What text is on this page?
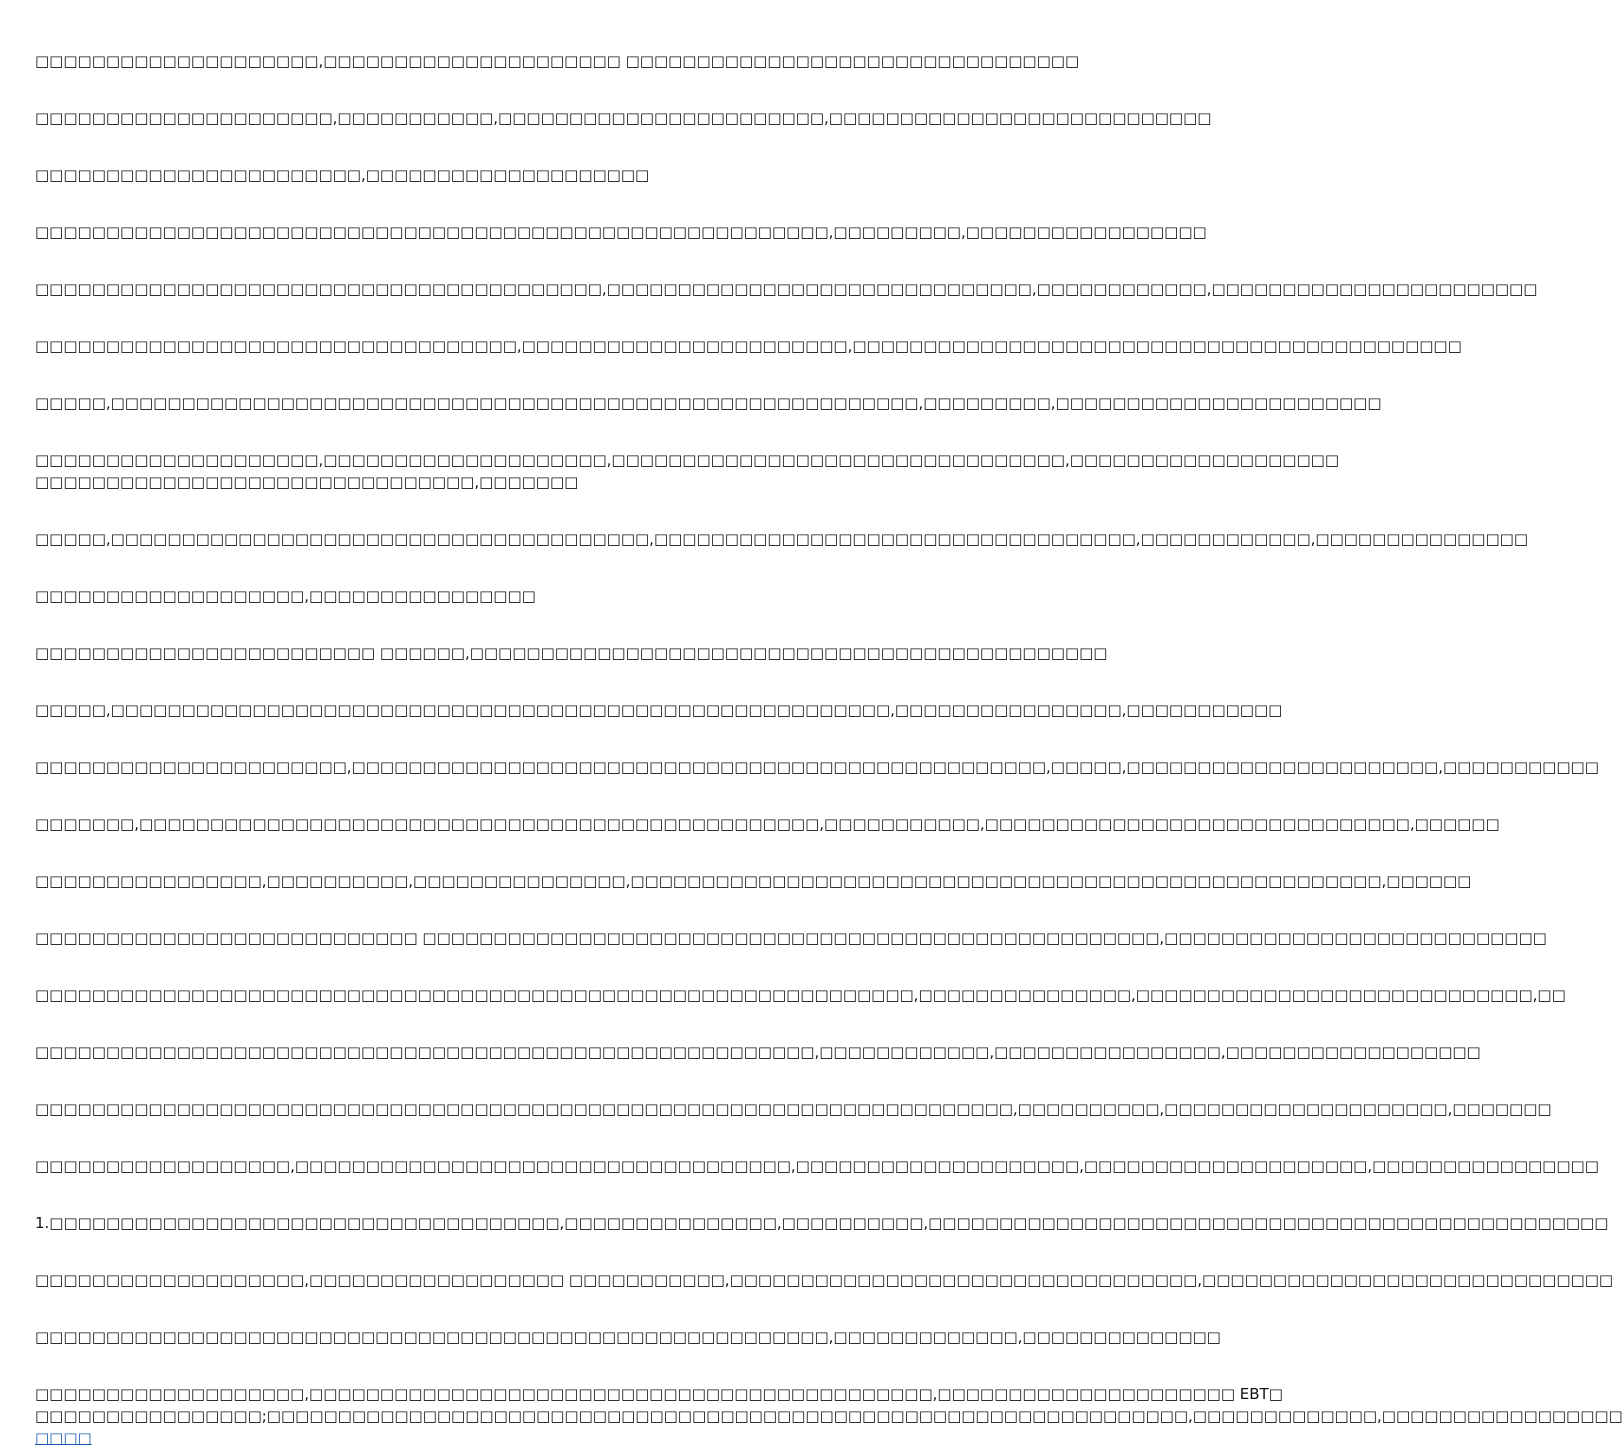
□□□□□□□□□□□□□□□□□□□□,□□□□□□□□□□□□□□□□□□□□□ □□□□□□□□□□□□□□□□□□□□□□□□□□□□□□□□
□□□□□□□□□□□□□□□□□□□□□,□□□□□□□□□□□,□□□□□□□□□□□□□□□□□□□□□□□,□□□□□□□□□□□□□□□□□□□□□□□□□□□
□□□□□□□□□□□□□□□□□□□□□□□,□□□□□□□□□□□□□□□□□□□□
□□□□□□□□□□□□□□□□□□□□□□□□□□□□□□□□□□□□□□□□□□□□□□□□□□□□□□□□,□□□□□□□□□,□□□□□□□□□□□□□□□□□
□□□□□□□□□□□□□□□□□□□□□□□□□□□□□□□□□□□□□□□□,□□□□□□□□□□□□□□□□□□□□□□□□□□□□□□,□□□□□□□□□□□□,□□□□□□□□□□□□□□□□□□□□□□□
□□□□□□□□□□□□□□□□□□□□□□□□□□□□□□□□□□,□□□□□□□□□□□□□□□□□□□□□□□,□□□□□□□□□□□□□□□□□□□□□□□□□□□□□□□□□□□□□□□□□□□
□□□□□,□□□□□□□□□□□□□□□□□□□□□□□□□□□□□□□□□□□□□□□□□□□□□□□□□□□□□□□□□,□□□□□□□□□,□□□□□□□□□□□□□□□□□□□□□□□
□□□□□□□□□□□□□□□□□□□□,□□□□□□□□□□□□□□□□□□□□,□□□□□□□□□□□□□□□□□□□□□□□□□□□□□□□□,□□□□□□□□□□□□□□□□□□□
□□□□□□□□□□□□□□□□□□□□□□□□□□□□□□□,□□□□□□□
□□□□□,□□□□□□□□□□□□□□□□□□□□□□□□□□□□□□□□□□□□□□,□□□□□□□□□□□□□□□□□□□□□□□□□□□□□□□□□□,□□□□□□□□□□□□,□□□□□□□□□□□□□□□
□□□□□□□□□□□□□□□□□□□,□□□□□□□□□□□□□□□□
□□□□□□□□□□□□□□□□□□□□□□□□ □□□□□□,□□□□□□□□□□□□□□□□□□□□□□□□□□□□□□□□□□□□□□□□□□□□□
□□□□□,□□□□□□□□□□□□□□□□□□□□□□□□□□□□□□□□□□□□□□□□□□□□□□□□□□□□□□□,□□□□□□□□□□□□□□□□,□□□□□□□□□□□
□□□□□□□□□□□□□□□□□□□□□□,□□□□□□□□□□□□□□□□□□□□□□□□□□□□□□□□□□□□□□□□□□□□□□□□□,□□□□□,□□□□□□□□□□□□□□□□□□□□□□,□□□□□□□□□□□
□□□□□□□,□□□□□□□□□□□□□□□□□□□□□□□□□□□□□□□□□□□□□□□□□□□□□□□□,□□□□□□□□□□□,□□□□□□□□□□□□□□□□□□□□□□□□□□□□□□,□□□□□□
□□□□□□□□□□□□□□□□,□□□□□□□□□□,□□□□□□□□□□□□□□□,□□□□□□□□□□□□□□□□□□□□□□□□□□□□□□□□□□□□□□□□□□□□□□□□□□□□□,□□□□□□
□□□□□□□□□□□□□□□□□□□□□□□□□□□ □□□□□□□□□□□□□□□□□□□□□□□□□□□□□□□□□□□□□□□□□□□□□□□□□□□□,□□□□□□□□□□□□□□□□□□□□□□□□□□□
□□□□□□□□□□□□□□□□□□□□□□□□□□□□□□□□□□□□□□□□□□□□□□□□□□□□□□□□□□□□□□,□□□□□□□□□□□□□□□,□□□□□□□□□□□□□□□□□□□□□□□□□□□□,□□
□□□□□□□□□□□□□□□□□□□□□□□□□□□□□□□□□□□□□□□□□□□□□□□□□□□□□□□,□□□□□□□□□□□□,□□□□□□□□□□□□□□□□,□□□□□□□□□□□□□□□□□□
□□□□□□□□□□□□□□□□□□□□□□□□□□□□□□□□□□□□□□□□□□□□□□□□□□□□□□□□□□□□□□□□□□□□□,□□□□□□□□□□,□□□□□□□□□□□□□□□□□□□□,□□□□□□□
□□□□□□□□□□□□□□□□□□,□□□□□□□□□□□□□□□□□□□□□□□□□□□□□□□□□□□,□□□□□□□□□□□□□□□□□□□□,□□□□□□□□□□□□□□□□□□□□,□□□□□□□□□□□□□□□□
1.□□□□□□□□□□□□□□□□□□□□□□□□□□□□□□□□□□□□,□□□□□□□□□□□□□□□,□□□□□□□□□□,□□□□□□□□□□□□□□□□□□□□□□□□□□□□□□□□□□□□□□□□□□□□□□□□
□□□□□□□□□□□□□□□□□□□,□□□□□□□□□□□□□□□□□□ □□□□□□□□□□□,□□□□□□□□□□□□□□□□□□□□□□□□□□□□□□□□□,□□□□□□□□□□□□□□□□□□□□□□□□□□□□□
□□□□□□□□□□□□□□□□□□□□□□□□□□□□□□□□□□□□□□□□□□□□□□□□□□□□□□□□,□□□□□□□□□□□□□,□□□□□□□□□□□□□□
□□□□□□□□□□□□□□□□□□□,□□□□□□□□□□□□□□□□□□□□□□□□□□□□□□□□□□□□□□□□□□□□,□□□□□□□□□□□□□□□□□□□□□ EBT□
□□□□□□□□□□□□□□□□;□□□□□□□□□□□□□□□□□□□□□□□□□□□□□□□□□□□□□□□□□□□□□□□□□□□□□□□□□□□□□□□□□,□□□□□□□□□□□□□,□□□□□□□□□□□□□□□□□
□□□□
